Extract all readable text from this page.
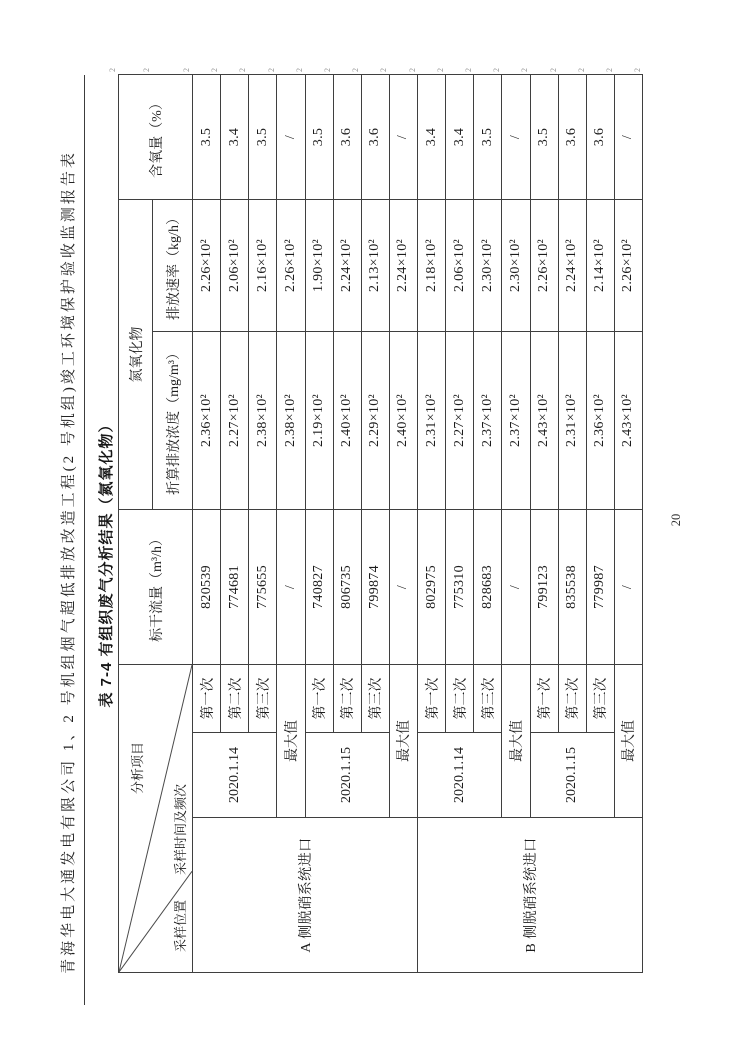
青海华电大通发电有限公司 1、2 号机组烟气超低排放改造工程(2 号机组)竣工环境保护验收监测报告表 表 7-4 有组织废气分析结果（氮氧化物）
分析项目
采样时间及频次
采样位置			标干流量（m³/h）	氮氧化物		含氧量（%）
				折算排放浓度（mg/m³）	排放速率（kg/h）	
A 侧脱硝系统进口	2020.1.14	第一次	820539	2.36×10²	2.26×10²	3.5
		第二次	774681	2.27×10²	2.06×10²	3.4
		第三次	775655	2.38×10²	2.16×10²	3.5
	最大值		/	2.38×10²	2.26×10²	/
	2020.1.15	第一次	740827	2.19×10²	1.90×10²	3.5
		第二次	806735	2.40×10²	2.24×10²	3.6
		第三次	799874	2.29×10²	2.13×10²	3.6
	最大值		/	2.40×10²	2.24×10²	/
B 侧脱硝系统进口	2020.1.14	第一次	802975	2.31×10²	2.18×10²	3.4
		第二次	775310	2.27×10²	2.06×10²	3.4
		第三次	828683	2.37×10²	2.30×10²	3.5
	最大值		/	2.37×10²	2.30×10²	/
	2020.1.15	第一次	799123	2.43×10²	2.26×10²	3.5
		第二次	835538	2.31×10²	2.24×10²	3.6
		第三次	779987	2.36×10²	2.14×10²	3.6
	最大值		/	2.43×10²	2.26×10²	/
2	2	2 2 2	2 2 2 2 2	2 2 2 2 2	2 2 2 2
20
